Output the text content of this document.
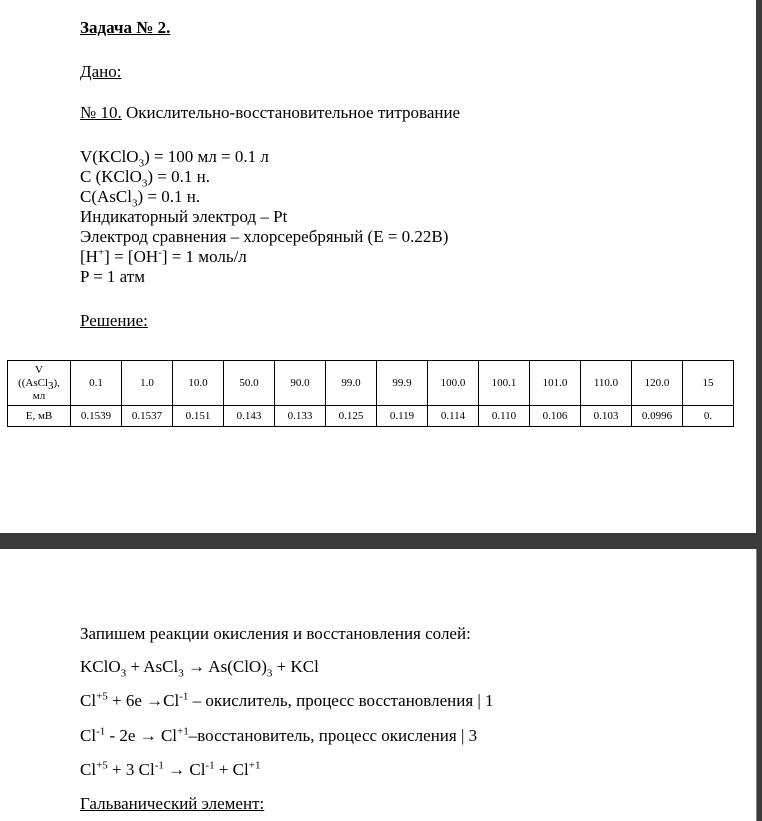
Задача № 2.
Дано:
№ 10. Окислительно-восстановительное титрование
V(KClO$_3$) = 100 мл = 0.1 л
C (KClO$_3$) = 0.1 н.
C(AsCl$_3$) = 0.1 н.
Индикаторный электрод – Pt
Электрод сравнения – хлорсеребряный (E = 0.22В)
[H+] = [OH-] = 1 моль/л
P = 1 атм
Решение:
V
((AsCl$_3$),
мл	0.1	1.0	10.0	50.0	90.0	99.0	99.9	100.0	100.1	101.0	110.0	120.0	15
E, мВ	0.1539	0.1537	0.151	0.143	0.133	0.125	0.119	0.114	0.110	0.106	0.103	0.0996	0.
Запишем реакции окисления и восстановления солей:
KClO$_3$ + AsCl$_3$ → $As(ClO)_3$ + KCl
$Cl^{+5} + 6e \to Cl^{-1}$ – окислитель, процесс восстановления | 1
$Cl^{-1} - 2e$ → $Cl^{+1}$–восстановитель, процесс окисления | 3
$Cl^{+5} + 3$ $Cl^{-1} \to Cl^{-1} + Cl^{+1}$
Гальванический элемент:
